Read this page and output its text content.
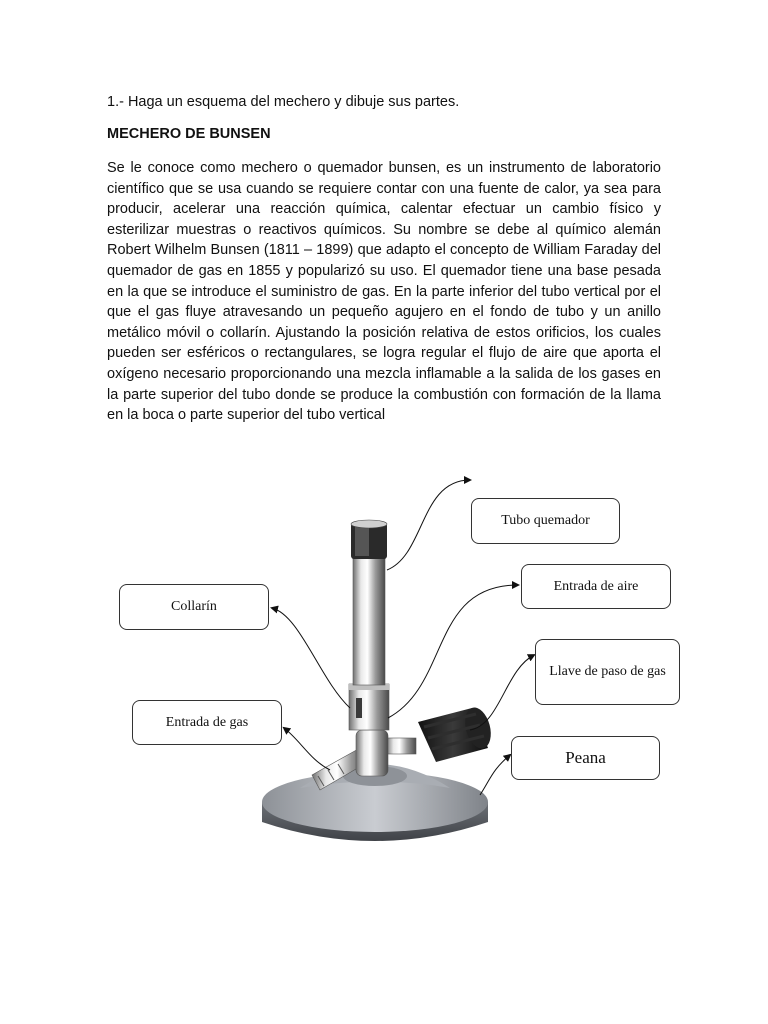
1.- Haga un esquema del mechero y dibuje sus partes.
MECHERO DE BUNSEN

Se le conoce como mechero o quemador bunsen, es un instrumento de laboratorio científico que se usa cuando se requiere contar con una fuente de calor, ya sea para producir, acelerar una reacción química, calentar efectuar un cambio físico y esterilizar muestras o reactivos químicos. Su nombre se debe al químico alemán Robert Wilhelm Bunsen (1811 – 1899) que adapto el concepto de William Faraday del quemador de gas en 1855 y popularizó su uso. El quemador tiene una base pesada en la que se introduce el suministro de gas. En la parte inferior del tubo vertical por el que el gas fluye atravesando un pequeño agujero en el fondo de tubo y un anillo metálico móvil o collarín. Ajustando la posición relativa de estos orificios, los cuales pueden ser esféricos o rectangulares, se logra regular el flujo de aire que aporta el oxígeno necesario proporcionando una mezcla inflamable a la salida de los gases en la parte superior del tubo donde se produce la combustión con formación de la llama en la boca o parte superior del tubo vertical

Tubo quemador
Entrada de aire
Collarín
Llave de paso de gas
Entrada de gas
Peana
